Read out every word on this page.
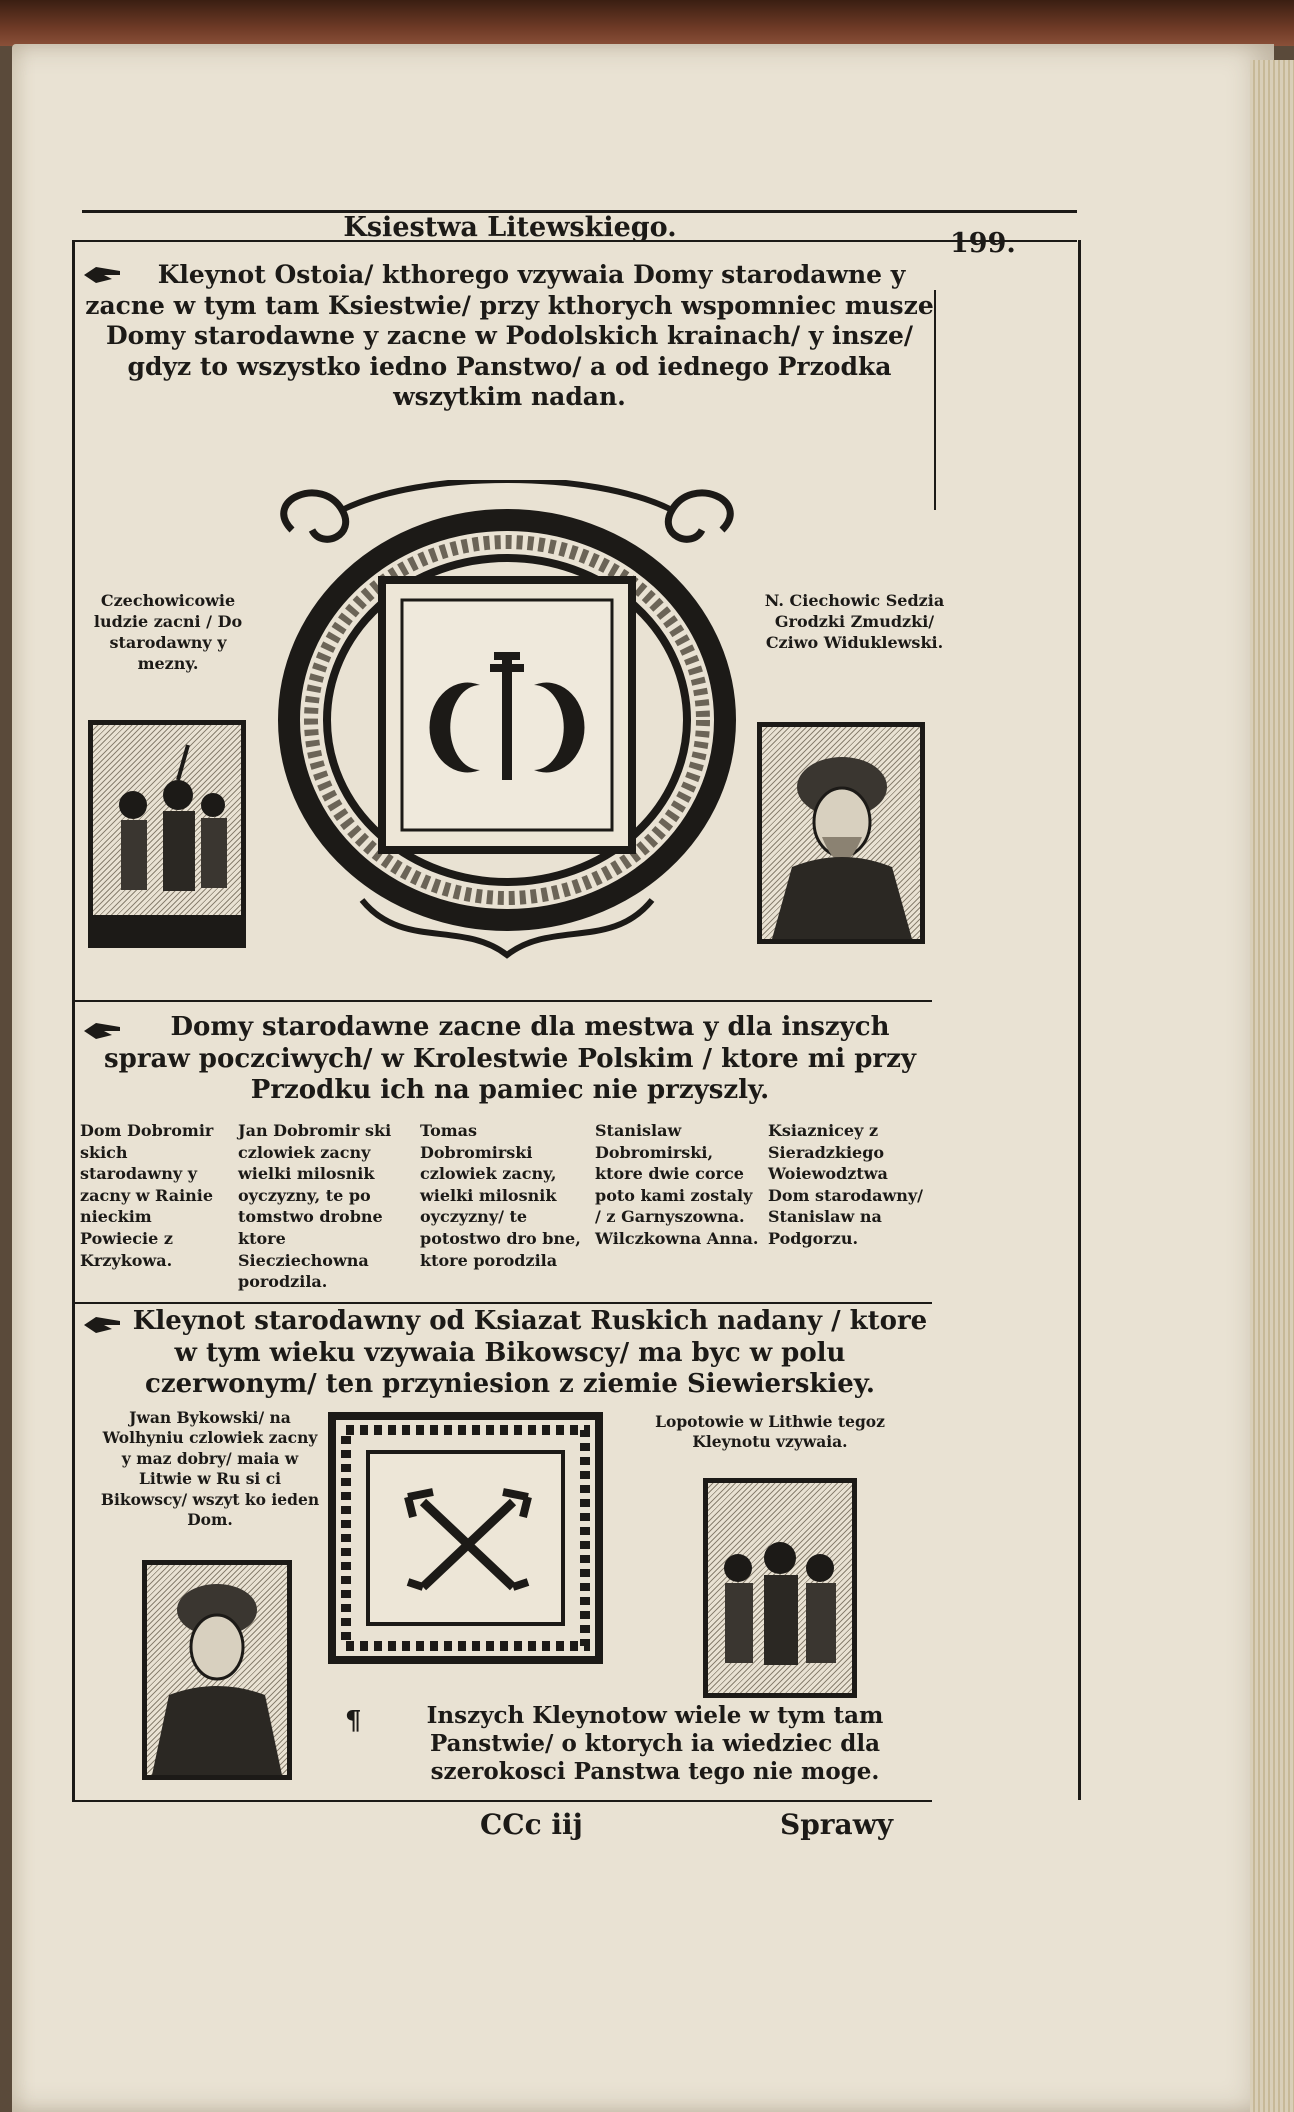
Ksiestwa Litewskiego.
199.
Kleynot Ostoia/ kthorego vzywaia Domy starodawne y zacne w tym tam Ksiestwie/ przy kthorych wspomniec musze Domy starodawne y zacne w Podolskich krainach/ y insze/ gdyz to wszystko iedno Panstwo/ a od iednego Przodka wszytkim nadan.
Czechowicowie ludzie zacni / Do starodawny y mezny.
N. Ciechowic Sedzia Grodzki Zmudzki/ Cziwo Widuklewski.
Domy starodawne zacne dla mestwa y dla inszych spraw poczciwych/ w Krolestwie Polskim / ktore mi przy Przodku ich na pamiec nie przyszly.
Dom Dobromir skich starodawny y zacny w Rainie nieckim Powiecie z Krzykowa.
Jan Dobromir ski czlowiek zacny wielki milosnik oyczyzny, te po tomstwo drobne ktore Siecziechowna porodzila.
Tomas Dobromirski czlowiek zacny, wielki milosnik oyczyzny/ te potostwo dro bne, ktore porodzila
Stanislaw Dobromirski, ktore dwie corce poto kami zostaly / z Garnyszowna. Wilczkowna Anna.
Ksiaznicey z Sieradzkiego Woiewodztwa Dom starodawny/ Stanislaw na Podgorzu.
Kleynot starodawny od Ksiazat Ruskich nadany / ktore w tym wieku vzywaia Bikowscy/ ma byc w polu czerwonym/ ten przyniesion z ziemie Siewierskiey.
Jwan Bykowski/ na Wolhyniu czlowiek zacny y maz dobry/ maia w Litwie w Ru si ci Bikowscy/ wszyt ko ieden Dom.
Lopotowie w Lithwie tegoz Kleynotu vzywaia.
¶	Inszych Kleynotow wiele w tym tam Panstwie/ o ktorych ia wiedziec dla szerokosci Panstwa tego nie moge.
CCc iij	Sprawy
